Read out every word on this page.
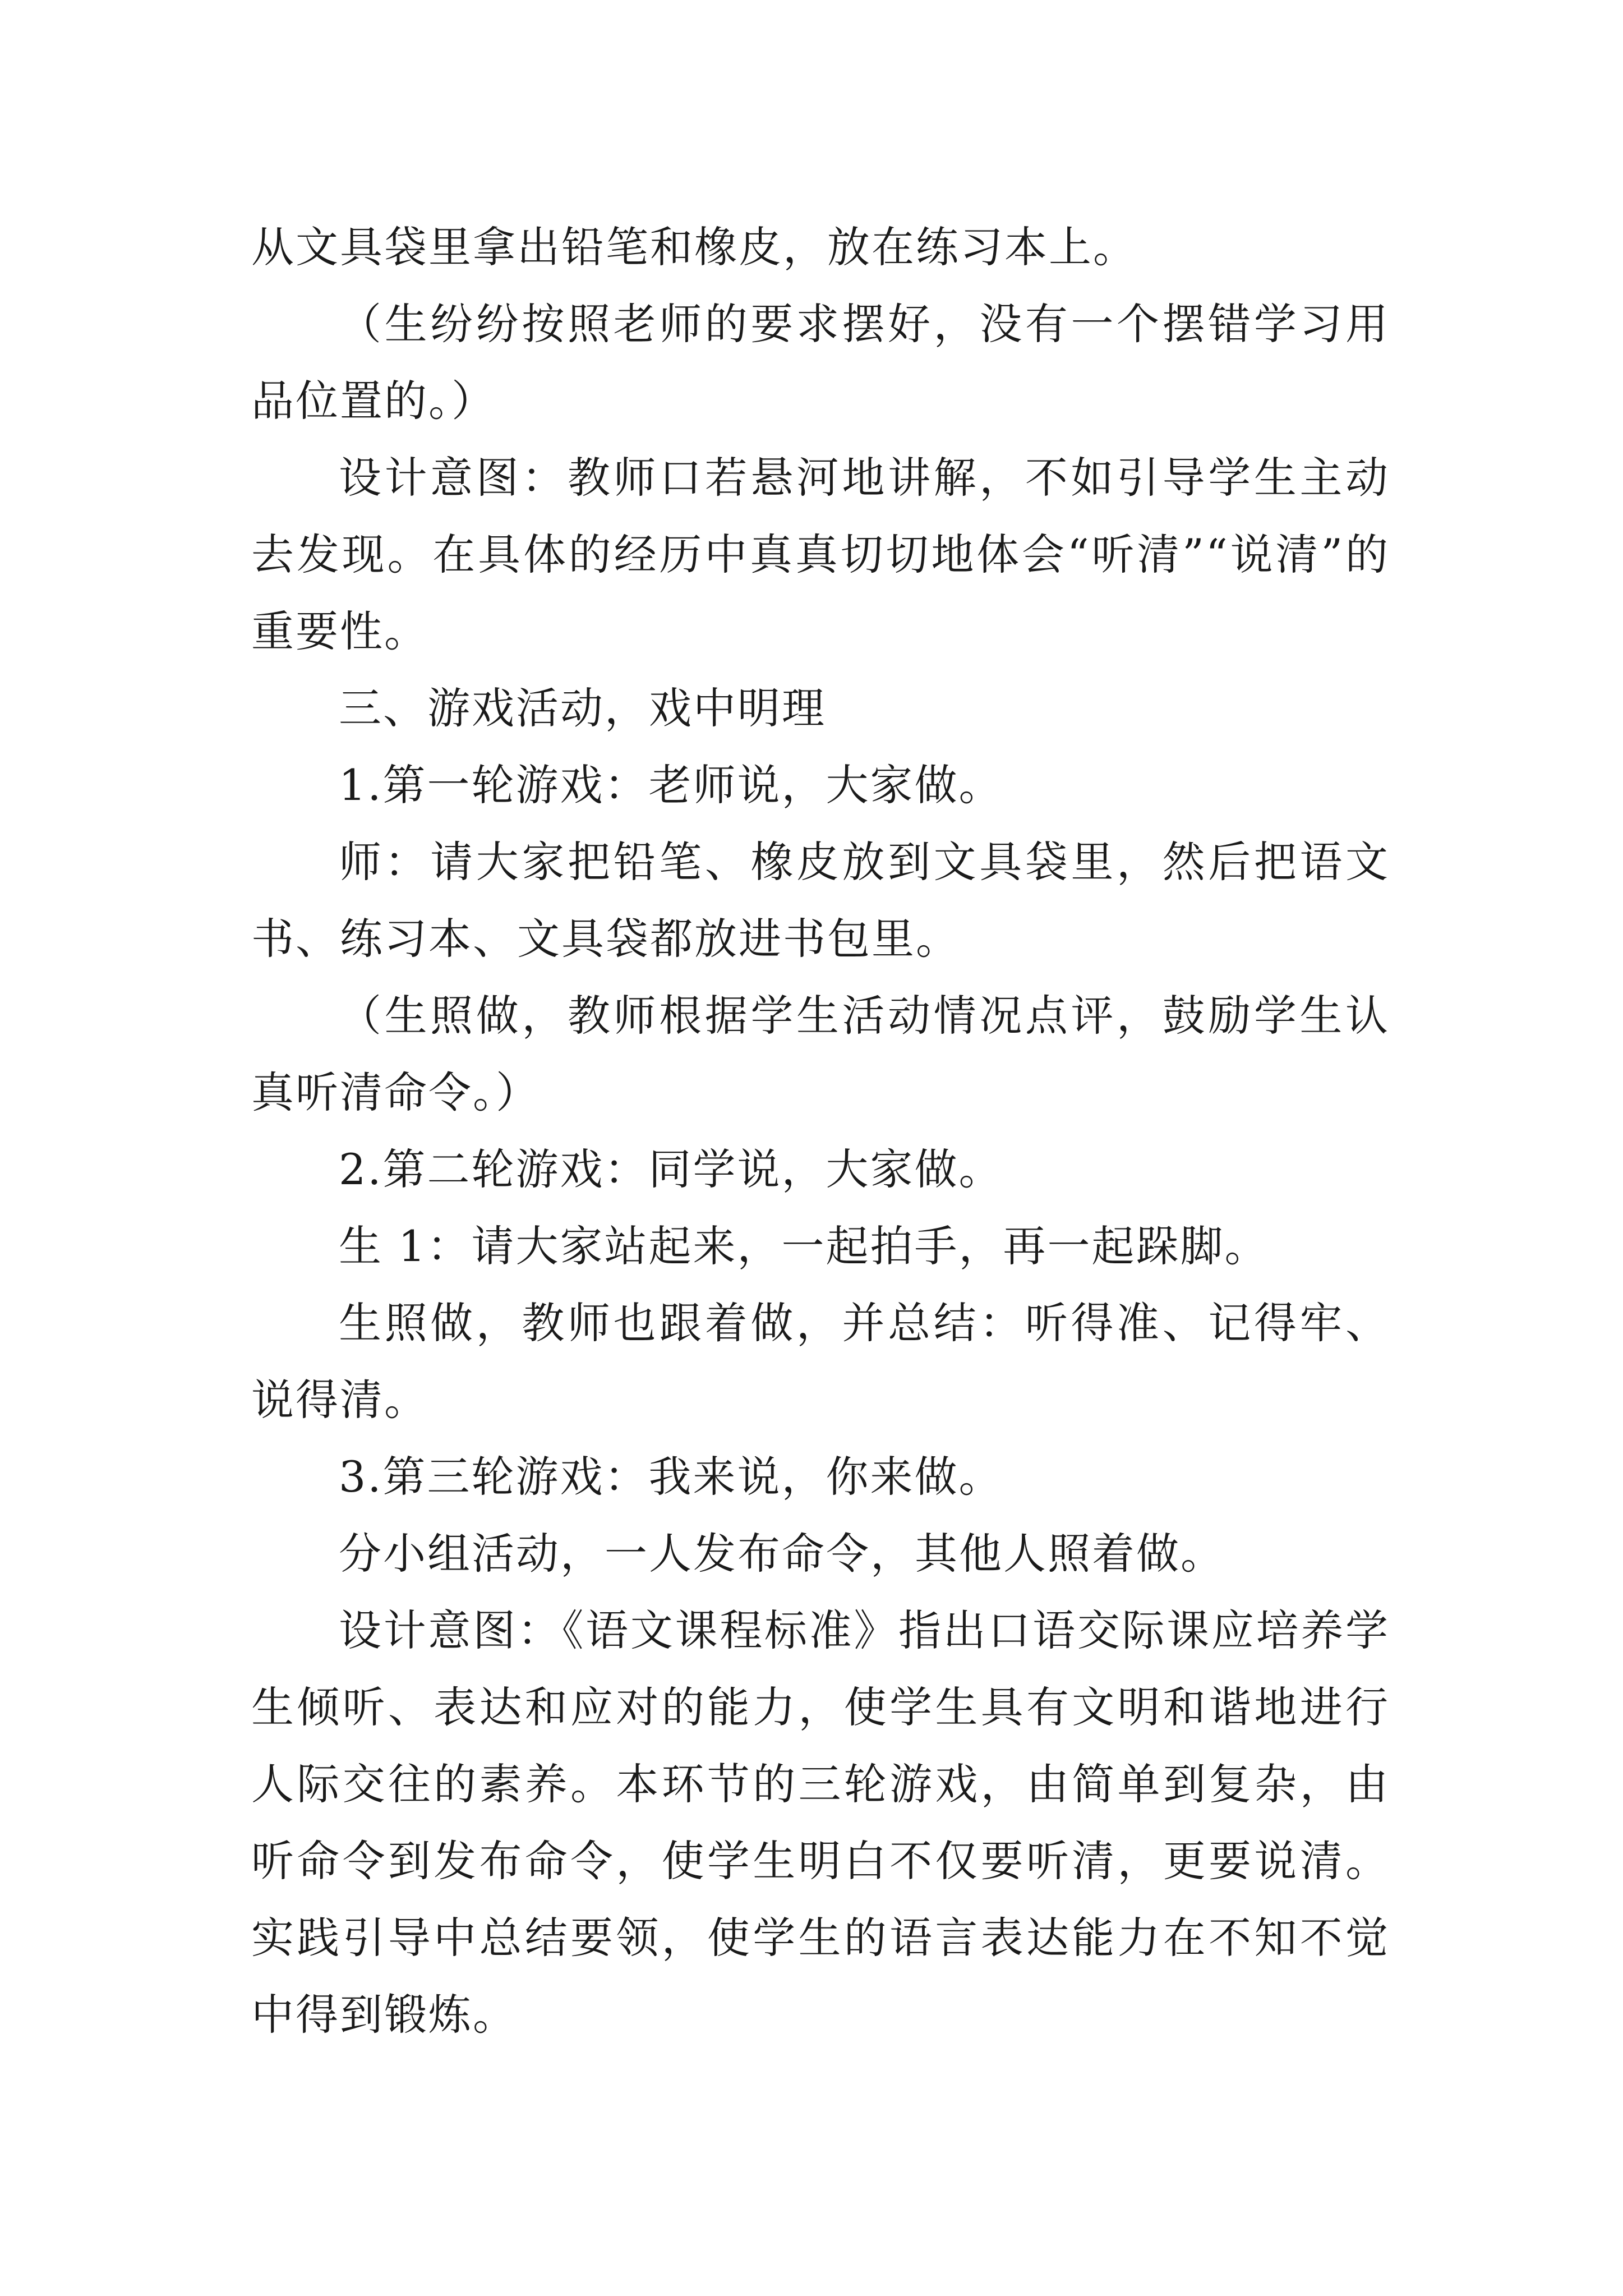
从文具袋里拿出铅笔和橡皮，放在练习本上。

（生纷纷按照老师的要求摆好，没有一个摆错学习用品位置的。）

设计意图：教师口若悬河地讲解，不如引导学生主动去发现。在具体的经历中真真切切地体会“听清”“说清”的重要性。

三、游戏活动，戏中明理

1.第一轮游戏：老师说，大家做。

师：请大家把铅笔、橡皮放到文具袋里，然后把语文书、练习本、文具袋都放进书包里。

（生照做，教师根据学生活动情况点评，鼓励学生认真听清命令。）

2.第二轮游戏：同学说，大家做。

生 1：请大家站起来，一起拍手，再一起跺脚。

生照做，教师也跟着做，并总结：听得准、记得牢、说得清。

3.第三轮游戏：我来说，你来做。

分小组活动，一人发布命令，其他人照着做。

设计意图：《语文课程标准》指出口语交际课应培养学生倾听、表达和应对的能力，使学生具有文明和谐地进行人际交往的素养。本环节的三轮游戏，由简单到复杂，由听命令到发布命令，使学生明白不仅要听清，更要说清。实践引导中总结要领，使学生的语言表达能力在不知不觉中得到锻炼。
